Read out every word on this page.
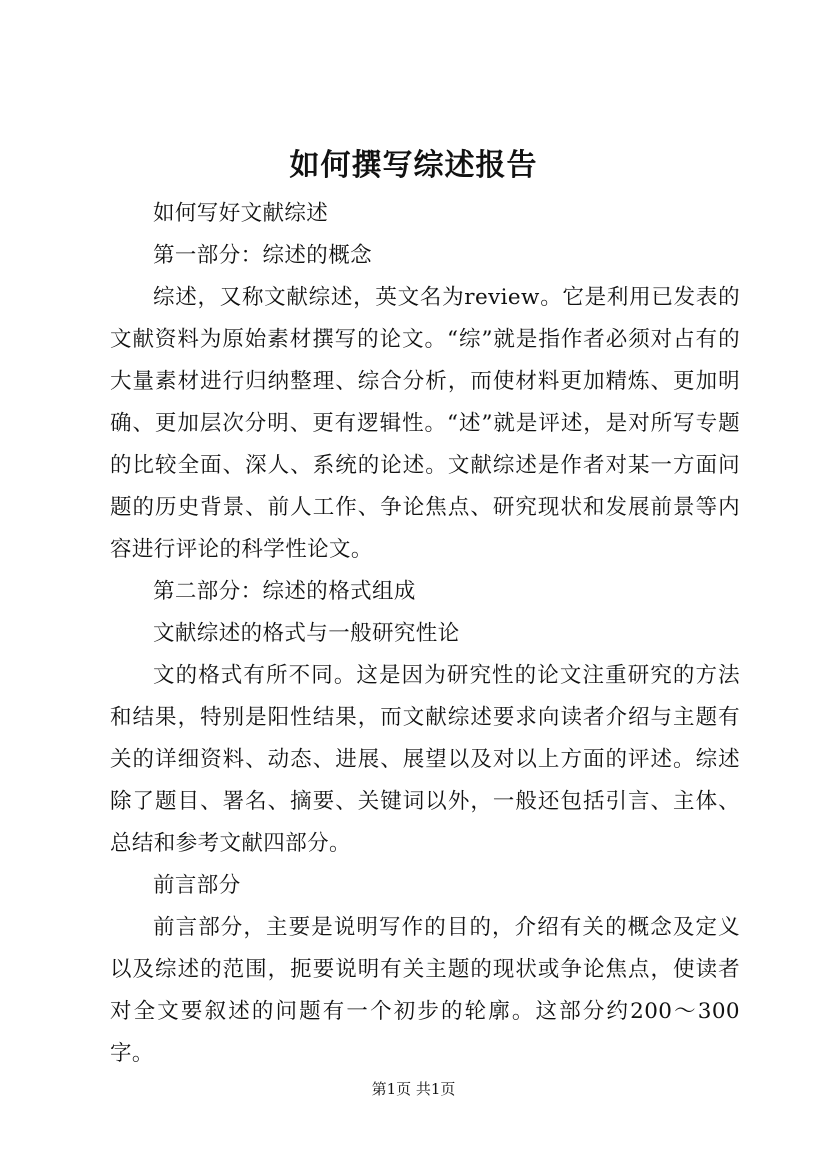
如何撰写综述报告

如何写好文献综述

第一部分：综述的概念

综述，又称文献综述，英文名为review。它是利用已发表的文献资料为原始素材撰写的论文。“综”就是指作者必须对占有的大量素材进行归纳整理、综合分析，而使材料更加精炼、更加明确、更加层次分明、更有逻辑性。“述”就是评述，是对所写专题的比较全面、深人、系统的论述。文献综述是作者对某一方面问题的历史背景、前人工作、争论焦点、研究现状和发展前景等内容进行评论的科学性论文。

第二部分：综述的格式组成

文献综述的格式与一般研究性论

文的格式有所不同。这是因为研究性的论文注重研究的方法和结果，特别是阳性结果，而文献综述要求向读者介绍与主题有关的详细资料、动态、进展、展望以及对以上方面的评述。综述除了题目、署名、摘要、关键词以外，一般还包括引言、主体、总结和参考文献四部分。

前言部分

前言部分，主要是说明写作的目的，介绍有关的概念及定义以及综述的范围，扼要说明有关主题的现状或争论焦点，使读者对全文要叙述的问题有一个初步的轮廓。这部分约200～300字。

第1页 共1页
